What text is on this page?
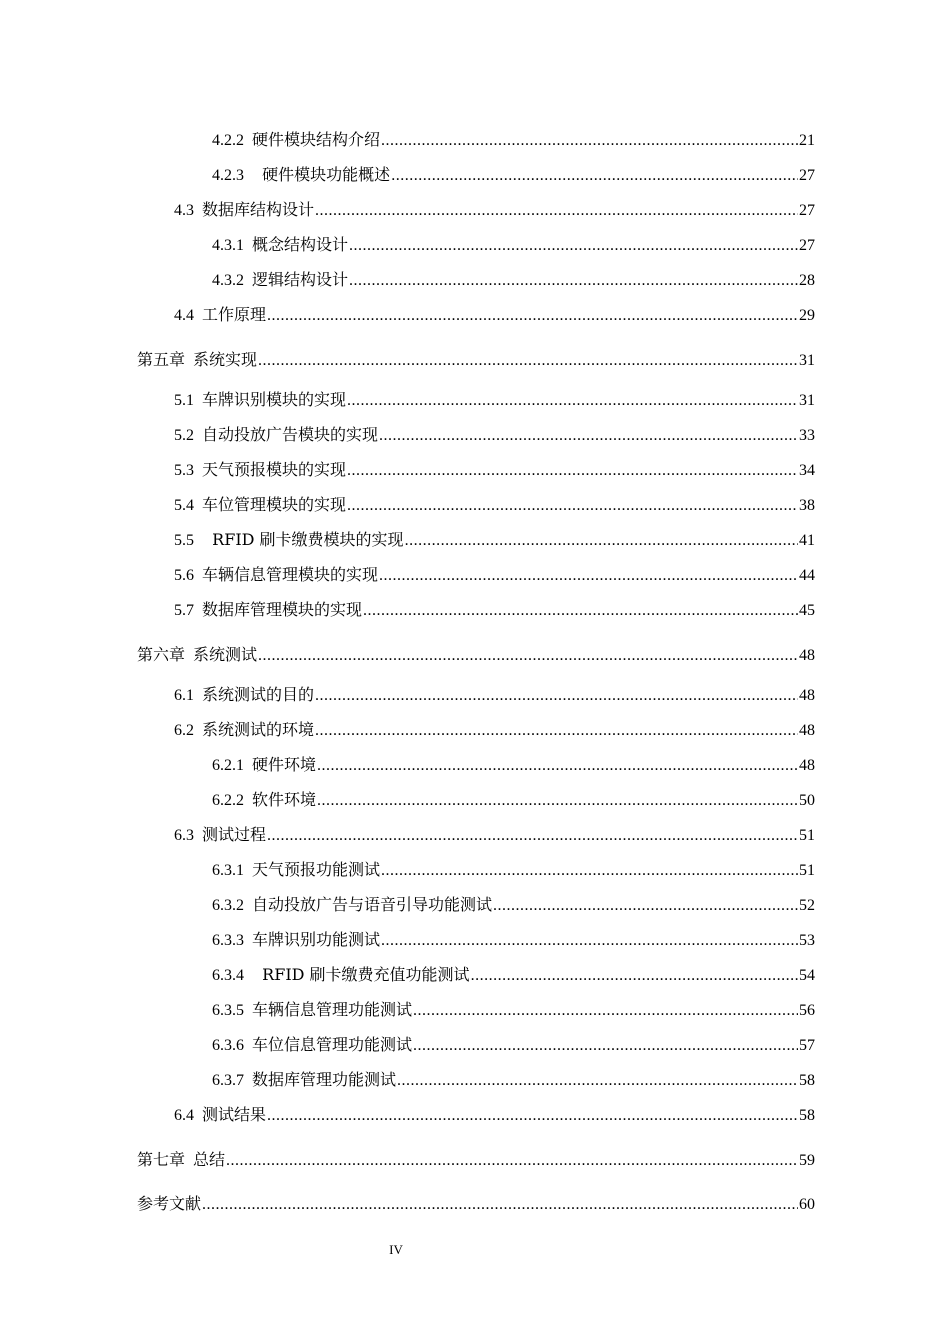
4.2.2 硬件模块结构介绍 .....	21
4.2.3 硬件模块功能概述 .....	27
4.3 数据库结构设计 .....	27
4.3.1 概念结构设计 .....	27
4.3.2 逻辑结构设计 .....	28
4.4 工作原理 .....	29
第五章 系统实现 .....	31
5.1 车牌识别模块的实现 .....	31
5.2 自动投放广告模块的实现 .....	33
5.3 天气预报模块的实现 .....	34
5.4 车位管理模块的实现 .....	38
5.5 RFID 刷卡缴费模块的实现 .....	41
5.6 车辆信息管理模块的实现 .....	44
5.7 数据库管理模块的实现 .....	45
第六章 系统测试 .....	48
6.1 系统测试的目的 .....	48
6.2 系统测试的环境 .....	48
6.2.1 硬件环境 .....	48
6.2.2 软件环境 .....	50
6.3 测试过程 .....	51
6.3.1 天气预报功能测试 .....	51
6.3.2 自动投放广告与语音引导功能测试 .....	52
6.3.3 车牌识别功能测试 .....	53
6.3.4 RFID 刷卡缴费充值功能测试 .....	54
6.3.5 车辆信息管理功能测试 .....	56
6.3.6 车位信息管理功能测试 .....	57
6.3.7 数据库管理功能测试 .....	58
6.4 测试结果 .....	58
第七章 总结 .....	59
参考文献 .....	60
IV
